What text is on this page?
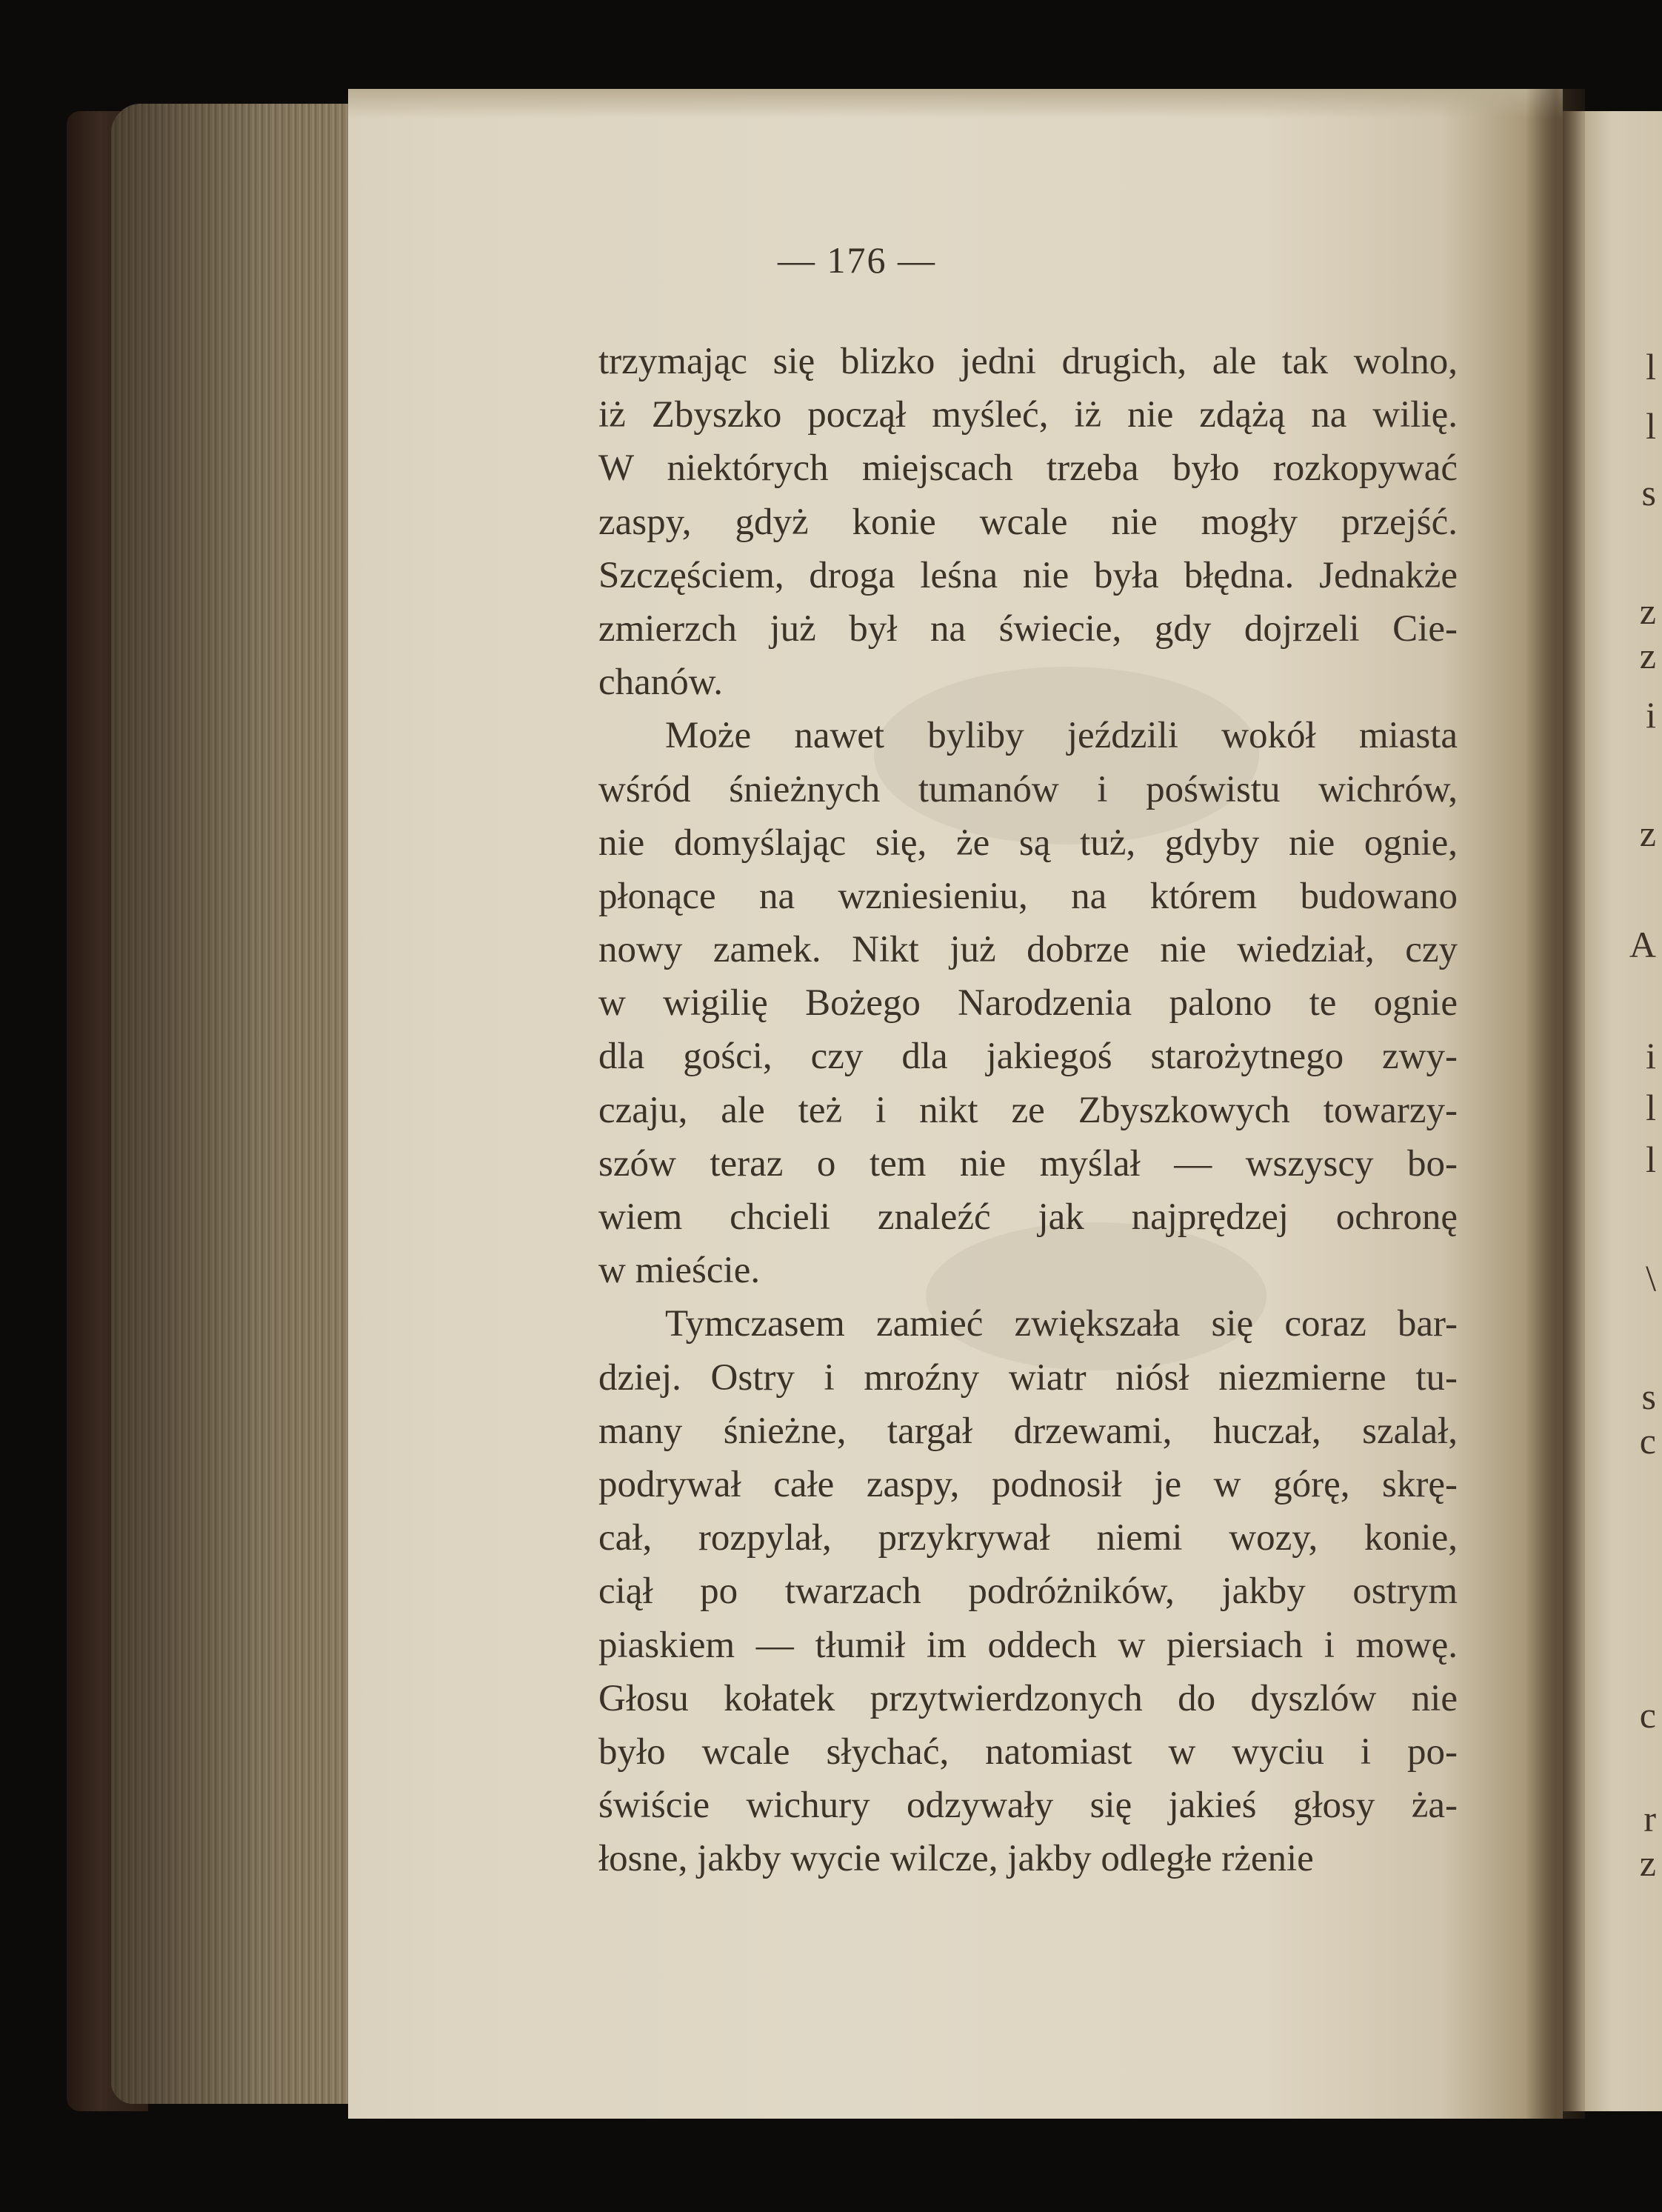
l
l
s
z
z
i
z
A
i
l
l
\
s
c
c
r
z
— 176 —
trzymając się blizko jedni drugich, ale tak wolno,
iż Zbyszko począł myśleć, iż nie zdążą na wilię.
W niektórych miejscach trzeba było rozkopywać
zaspy, gdyż konie wcale nie mogły przejść.
Szczęściem, droga leśna nie była błędna. Jednakże
zmierzch już był na świecie, gdy dojrzeli Cie-
chanów.
Może nawet byliby jeździli wokół miasta
wśród śnieżnych tumanów i poświstu wichrów,
nie domyślając się, że są tuż, gdyby nie ognie,
płonące na wzniesieniu, na którem budowano
nowy zamek. Nikt już dobrze nie wiedział, czy
w wigilię Bożego Narodzenia palono te ognie
dla gości, czy dla jakiegoś starożytnego zwy-
czaju, ale też i nikt ze Zbyszkowych towarzy-
szów teraz o tem nie myślał — wszyscy bo-
wiem chcieli znaleźć jak najprędzej ochronę
w mieście.
Tymczasem zamieć zwiększała się coraz bar-
dziej. Ostry i mroźny wiatr niósł niezmierne tu-
many śnieżne, targał drzewami, huczał, szalał,
podrywał całe zaspy, podnosił je w górę, skrę-
cał, rozpylał, przykrywał niemi wozy, konie,
ciął po twarzach podróżników, jakby ostrym
piaskiem — tłumił im oddech w piersiach i mowę.
Głosu kołatek przytwierdzonych do dyszlów nie
było wcale słychać, natomiast w wyciu i po-
świście wichury odzywały się jakieś głosy ża-
łosne, jakby wycie wilcze, jakby odległe rżenie
